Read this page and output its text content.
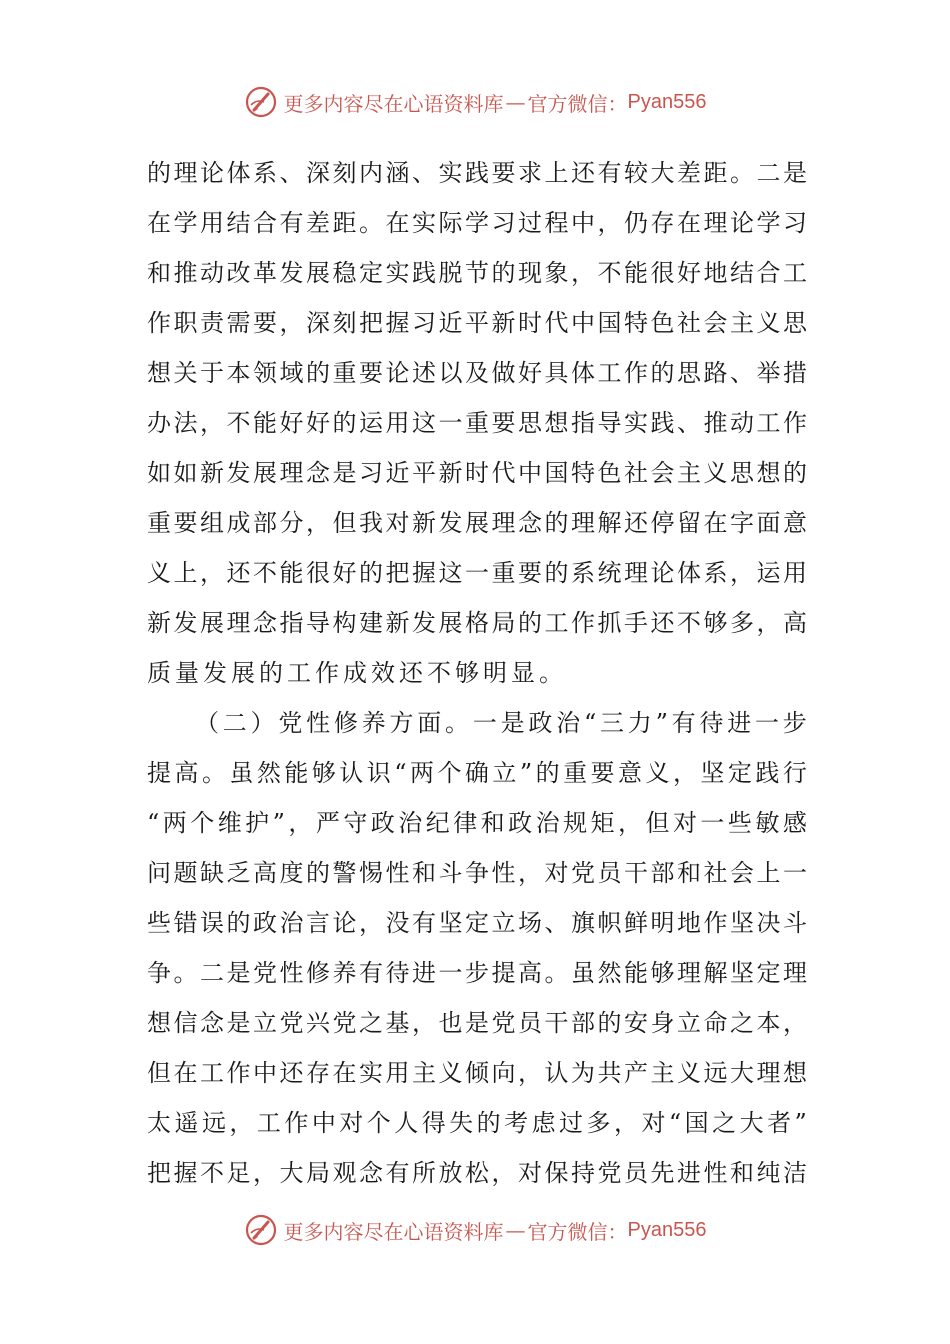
更多内容尽在心语资料库 — 官方微信： Pyan556
的 理 论 体 系 、 深 刻 内 涵 、 实 践 要 求 上 还 有 较 大 差 距 。 二 是
在 学 用 结 合 有 差 距 。 在 实 际 学 习 过 程 中 ， 仍 存 在 理 论 学 习
和 推 动 改 革 发 展 稳 定 实 践 脱 节 的 现 象 ， 不 能 很 好 地 结 合 工
作 职 责 需 要 ， 深 刻 把 握 习 近 平 新 时 代 中 国 特 色 社 会 主 义 思
想 关 于 本 领 域 的 重 要 论 述 以 及 做 好 具 体 工 作 的 思 路 、 举 措
办 法 ， 不 能 好 好 的 运 用 这 一 重 要 思 想 指 导 实 践 、 推 动 工 作
如 如 新 发 展 理 念 是 习 近 平 新 时 代 中 国 特 色 社 会 主 义 思 想 的
重 要 组 成 部 分 ， 但 我 对 新 发 展 理 念 的 理 解 还 停 留 在 字 面 意
义 上 ， 还 不 能 很 好 的 把 握 这 一 重 要 的 系 统 理 论 体 系 ， 运 用
新 发 展 理 念 指 导 构 建 新 发 展 格 局 的 工 作 抓 手 还 不 够 多 ， 高
质量发展的工作成效还不够明显。
（ 二 ） 党 性 修 养 方 面 。 一 是 政 治 “ 三 力 ” 有 待 进 一 步
提 高 。 虽 然 能 够 认 识 “ 两 个 确 立 ” 的 重 要 意 义 ， 坚 定 践 行
“ 两 个 维 护 ” ， 严 守 政 治 纪 律 和 政 治 规 矩 ， 但 对 一 些 敏 感
问 题 缺 乏 高 度 的 警 惕 性 和 斗 争 性 ， 对 党 员 干 部 和 社 会 上 一
些 错 误 的 政 治 言 论 ， 没 有 坚 定 立 场 、 旗 帜 鲜 明 地 作 坚 决 斗
争 。 二 是 党 性 修 养 有 待 进 一 步 提 高 。 虽 然 能 够 理 解 坚 定 理
想 信 念 是 立 党 兴 党 之 基 ， 也 是 党 员 干 部 的 安 身 立 命 之 本 ，
但 在 工 作 中 还 存 在 实 用 主 义 倾 向 ， 认 为 共 产 主 义 远 大 理 想
太 遥 远 ， 工 作 中 对 个 人 得 失 的 考 虑 过 多 ， 对 “ 国 之 大 者 ”
把 握 不 足 ， 大 局 观 念 有 所 放 松 ， 对 保 持 党 员 先 进 性 和 纯 洁
更多内容尽在心语资料库 — 官方微信： Pyan556
